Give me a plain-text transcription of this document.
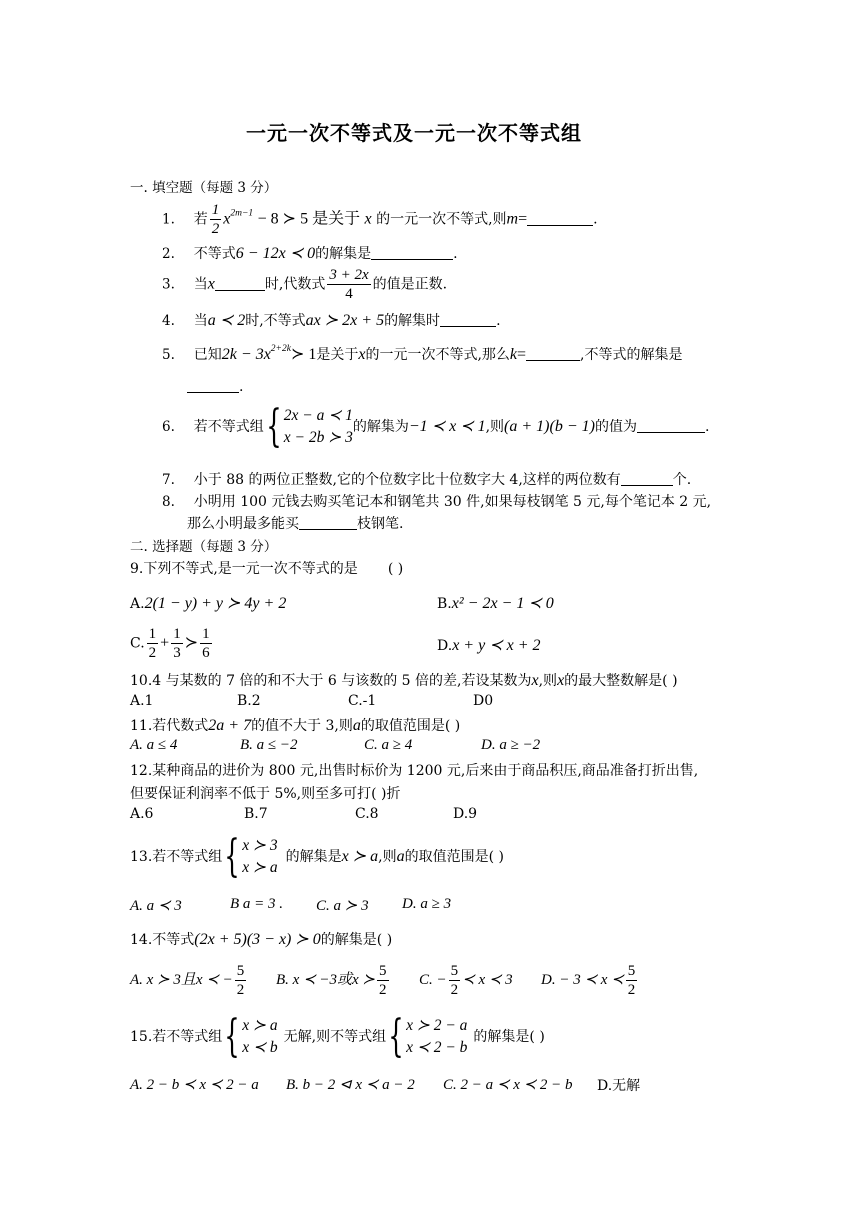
一元一次不等式及一元一次不等式组
一. 填空题（每题 3 分）
1. 若 $\frac{1}{2} x^{2m-1} - 8$ ≻ 5 是关于 x 的一元一次不等式,则m=	.
2. 不等式6 − 12x ≺ 0的解集是	.
3. 当x	时,代数式 $\frac{3 + 2x}{4}$ 的值是正数.
4. 当a ≺ 2时,不等式ax ≻ 2x + 5的解集时	.
5. 已知$2k - 3x^{2+2k}≻$ 1是关于x的一元一次不等式,那么k=	,不等式的解集是
.
6. 若不等式组{ 2x − a ≺ 1
x − 2b ≻ 3
的解集为−1 ≺ x ≺ 1,则(a + 1)(b − 1)的值为	.
7. 小于 88 的两位正整数,它的个位数字比十位数字大 4,这样的两位数有	个.
8. 小明用 100 元钱去购买笔记本和钢笔共 30 件,如果每枝钢笔 5 元,每个笔记本 2 元,
那么小明最多能买	枝钢笔.
二. 选择题（每题 3 分）
9.下列不等式,是一元一次不等式的是 ( )
A.2(1 − y) + y ≻ 4y + 2	B.x² − 2x − 1 ≺ 0
C. $\frac{1}{2} + \frac{1}{3}$ ≻ $\frac{1}{6}$	D.x + y ≺ x + 2
10.4 与某数的 7 倍的和不大于 6 与该数的 5 倍的差,若设某数为x,则x的最大整数解是( )
A.1	B.2	C.-1	D0
11.若代数式2a + 7的值不大于 3,则a的取值范围是( )
A. a ≤ 4	B. a ≤ −2	C. a ≥ 4	D. a ≥ −2
12.某种商品的进价为 800 元,出售时标价为 1200 元,后来由于商品积压,商品准备打折出售,
但要保证利润率不低于 5%,则至多可打( )折
A.6	B.7	C.8	D.9
13.若不等式组{ x ≻ 3
x ≻ a
的解集是x ≻ a,则a的取值范围是( )
A. a ≺ 3	B a = 3 . C. a ≻ 3 D. a ≥ 3
14.不等式(2x + 5)(3 − x) ≻ 0的解集是( )
A. x ≻ 3且x ≺ − $\frac{5}{2} B$. x ≺ −3或x ≻ $\frac{5}{2} C$. − $\frac{5}{2}$ ≺ x ≺ 3 D. − 3 ≺ x ≺ $\frac{5}{2}$
15.若不等式组{ x ≻ a
x ≺ b
无解,则不等式组{ x ≻ 2 − a
x ≺ 2 − b
的解集是( )
A. 2 − b ≺ x ≺ 2 − a B. b − 2 ⊲ x ≺ a − 2 C. 2 − a ≺ x ≺ 2 − b D.无解
